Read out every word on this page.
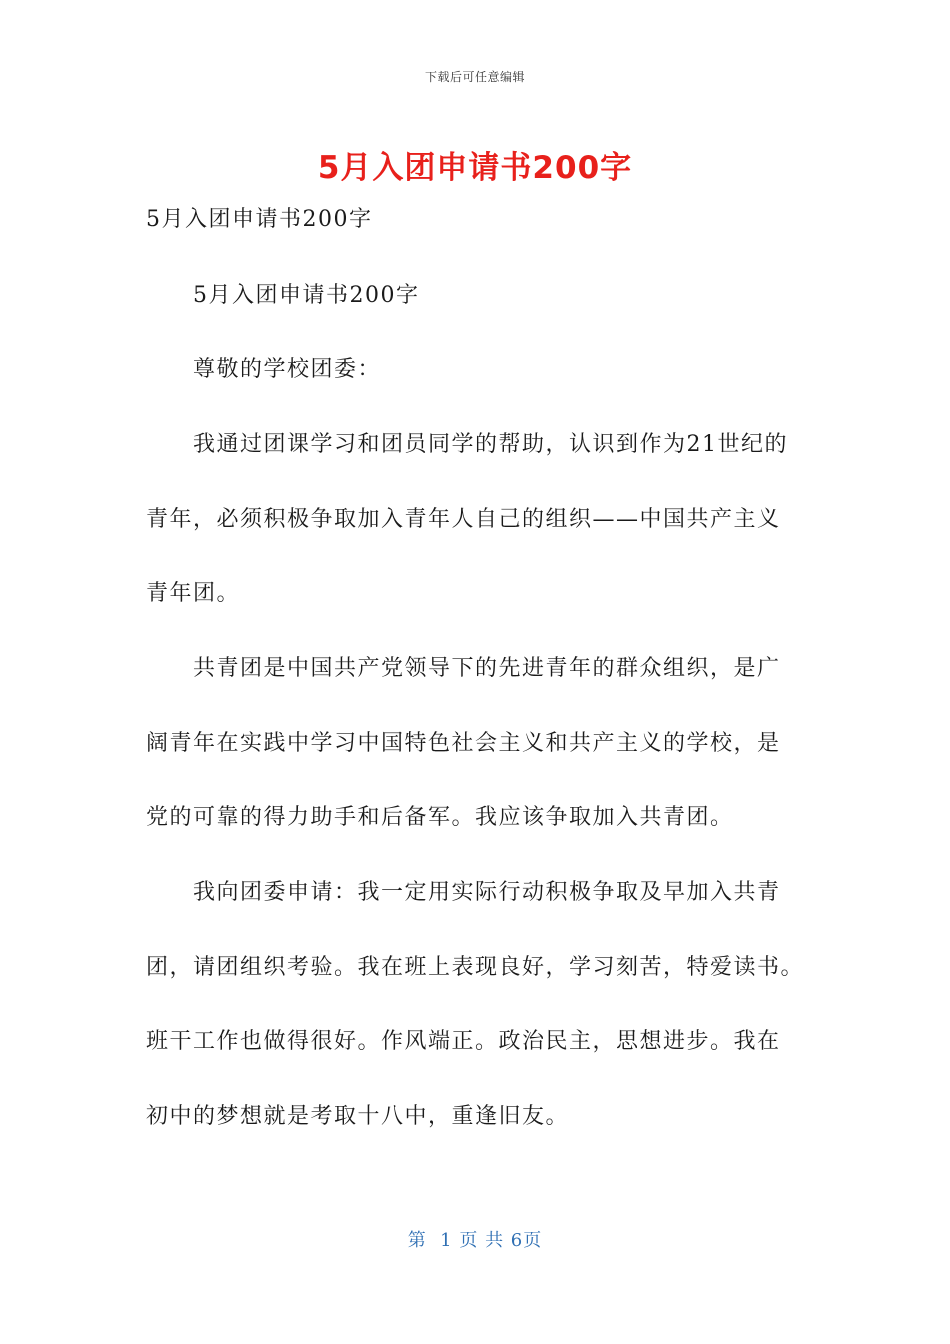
下载后可任意编辑
5月入团申请书200字
5月入团申请书200字
5月入团申请书200字
尊敬的学校团委：
我通过团课学习和团员同学的帮助，认识到作为21世纪的
青年，必须积极争取加入青年人自己的组织——中国共产主义
青年团。
共青团是中国共产党领导下的先进青年的群众组织，是广
阔青年在实践中学习中国特色社会主义和共产主义的学校，是
党的可靠的得力助手和后备军。我应该争取加入共青团。
我向团委申请：我一定用实际行动积极争取及早加入共青
团，请团组织考验。我在班上表现良好，学习刻苦，特爱读书。
班干工作也做得很好。作风端正。政治民主，思想进步。我在
初中的梦想就是考取十八中，重逢旧友。
第  1 页 共 6页
